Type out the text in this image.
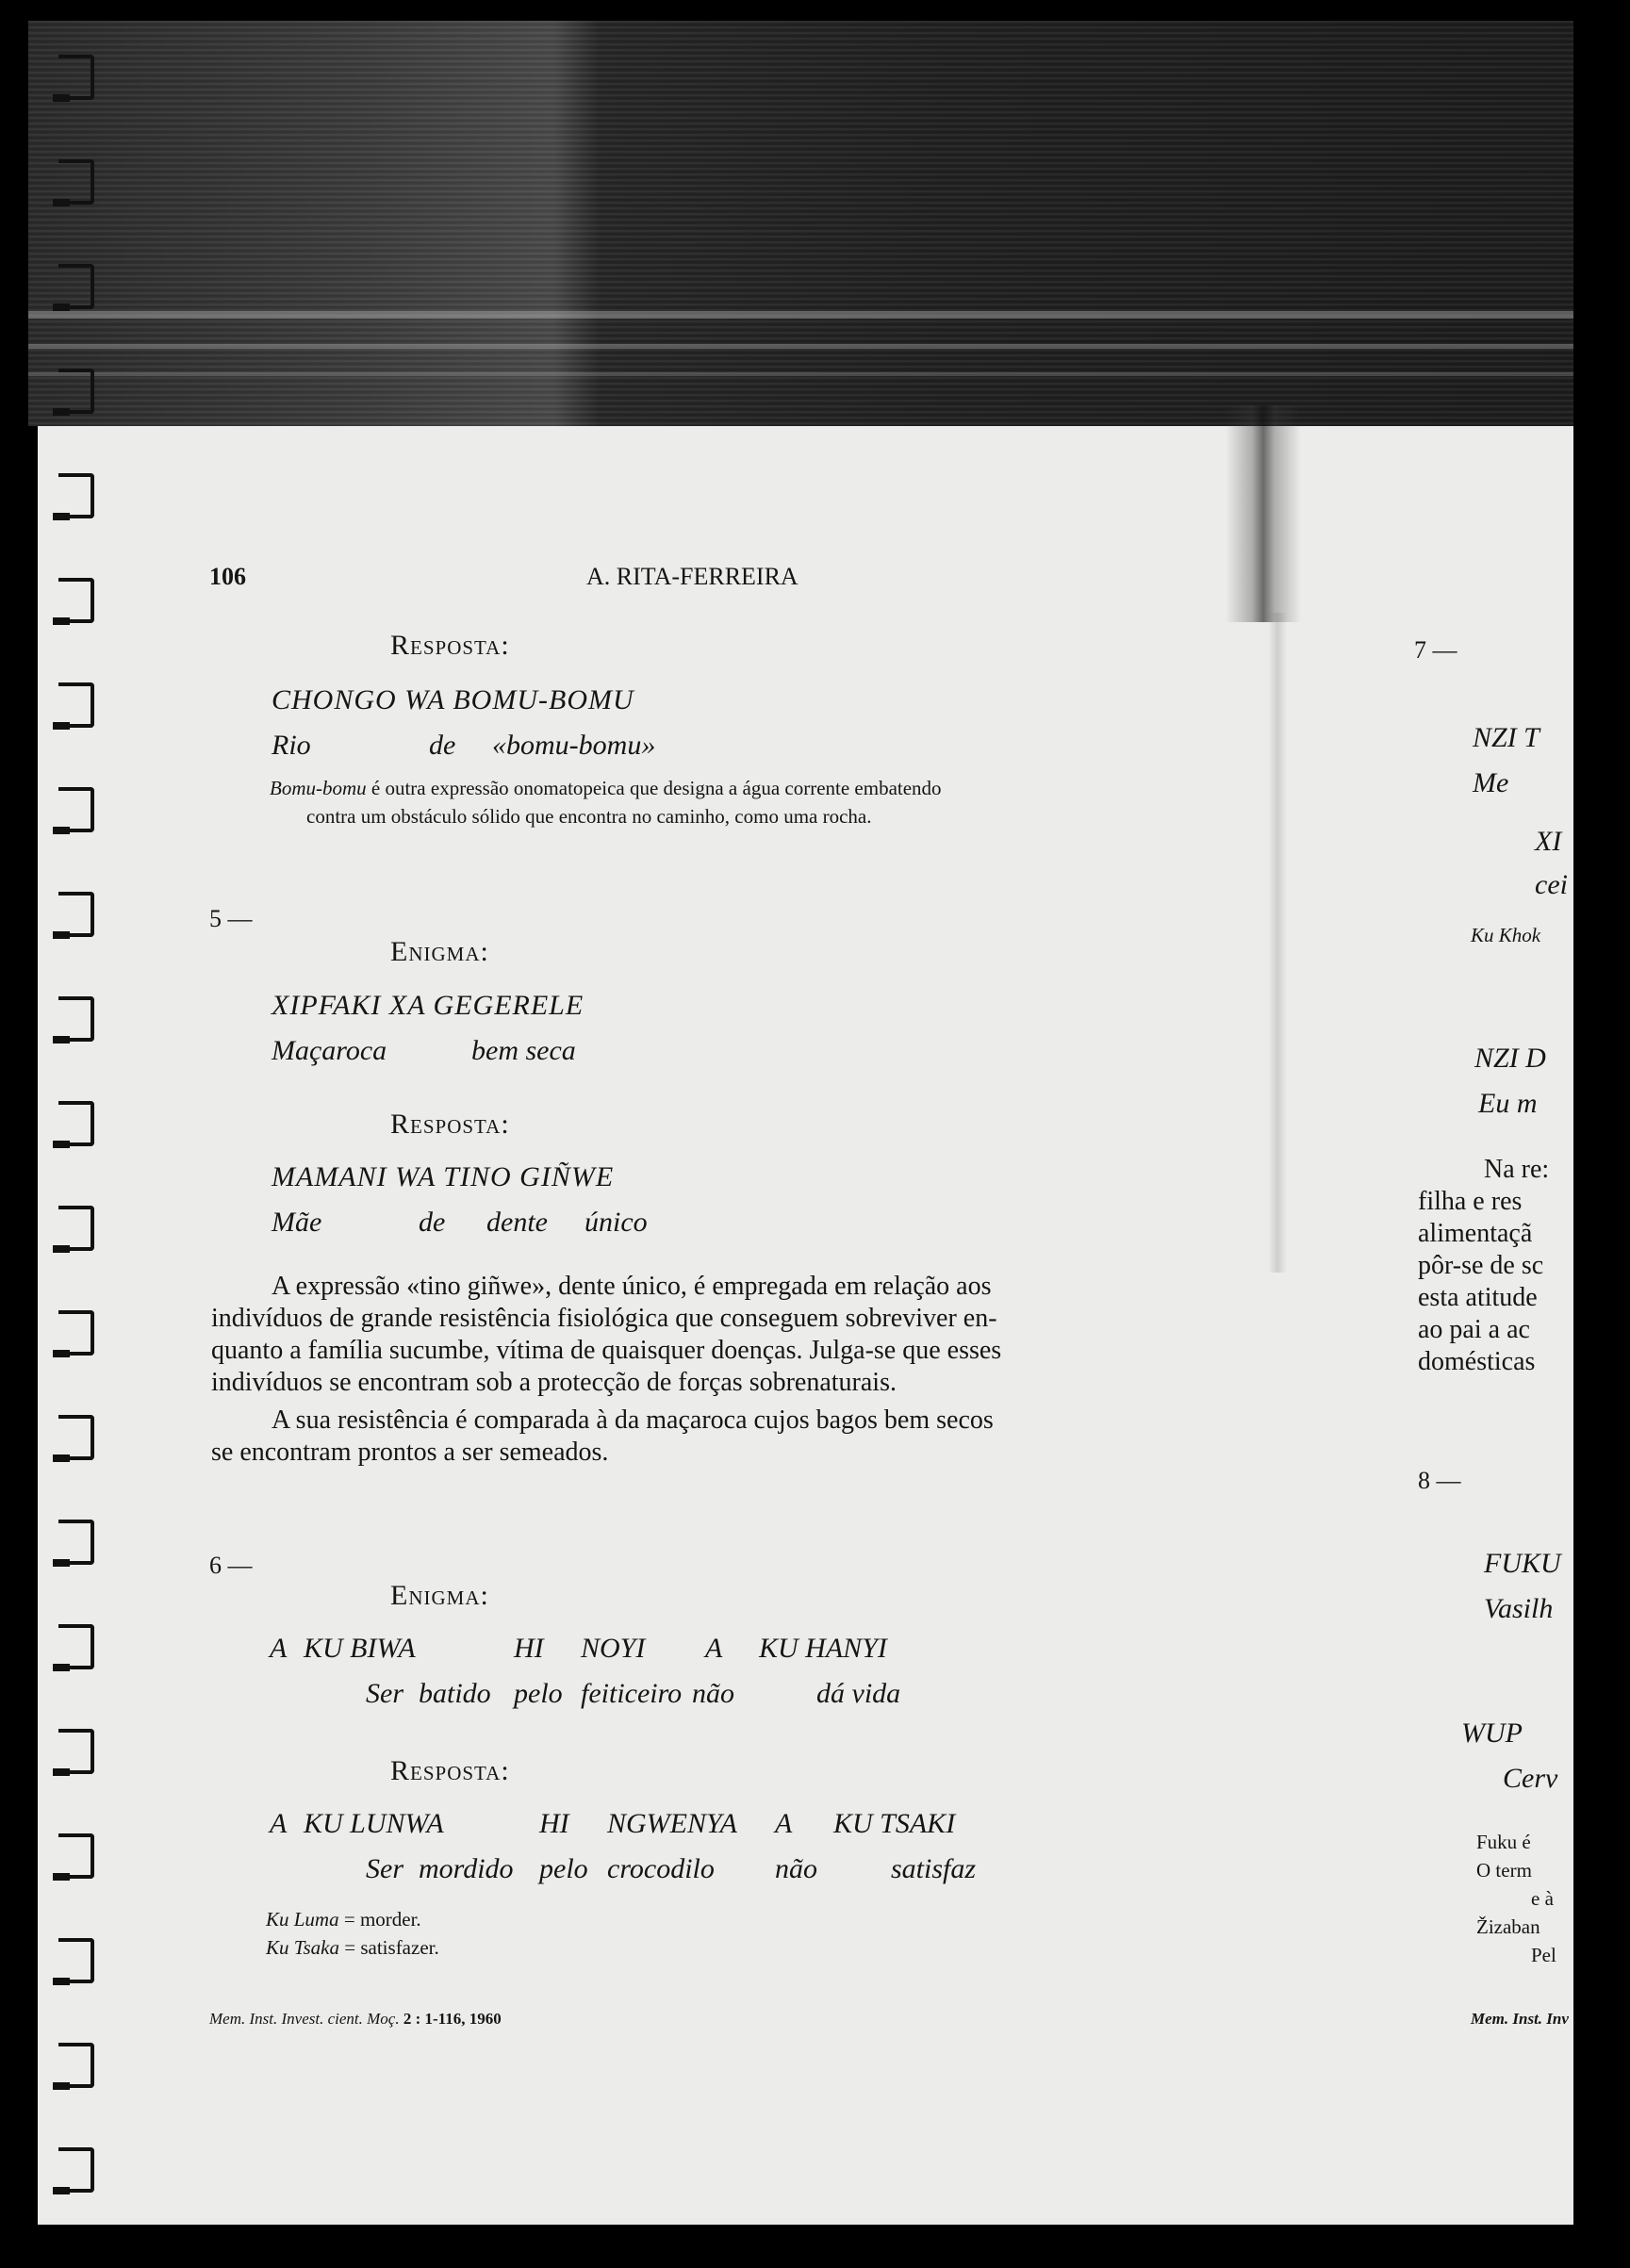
106	A. RITA-FERREIRA
Resposta:
CHONGO WA BOMU-BOMU
Rio	de «bomu-bomu»
Bomu-bomu é outra expressão onomatopeica que designa a água corrente embatendo
contra um obstáculo sólido que encontra no caminho, como uma rocha.
5 —
Enigma:
XIPFAKI XA GEGERELE
Maçaroca	bem seca
Resposta:
MAMANI WA TINO GIÑWE
Mãe	de dente único
A expressão «tino giñwe», dente único, é empregada em relação aos
indivíduos de grande resistência fisiológica que conseguem sobreviver en-
quanto a família sucumbe, vítima de quaisquer doenças. Julga-se que esses
indivíduos se encontram sob a protecção de forças sobrenaturais.
A sua resistência é comparada à da maçaroca cujos bagos bem secos
se encontram prontos a ser semeados.
6 —
Enigma:
A KU BIWA	HI NOYI A KU HANYI
Ser batido pelo feiticeiro não	dá vida
Resposta:
A KU LUNWA	HI NGWENYA A KU TSAKI
Ser mordido pelo crocodilo não	satisfaz
Ku Luma = morder.
Ku Tsaka = satisfazer.
Mem. Inst. Invest. cient. Moç. 2 : 1-116, 1960
7 —
NZI T
Me
XI
cei
Ku Khok
NZI D
Eu m
Na re:
filha e res
alimentaçã
pôr-se de sc
esta atitude
ao pai a ac
domésticas
8 —
FUKU
Vasilh
WUP
Cerv
Fuku é
O term
e à
Žizaban
Pel
Mem. Inst. Inv
